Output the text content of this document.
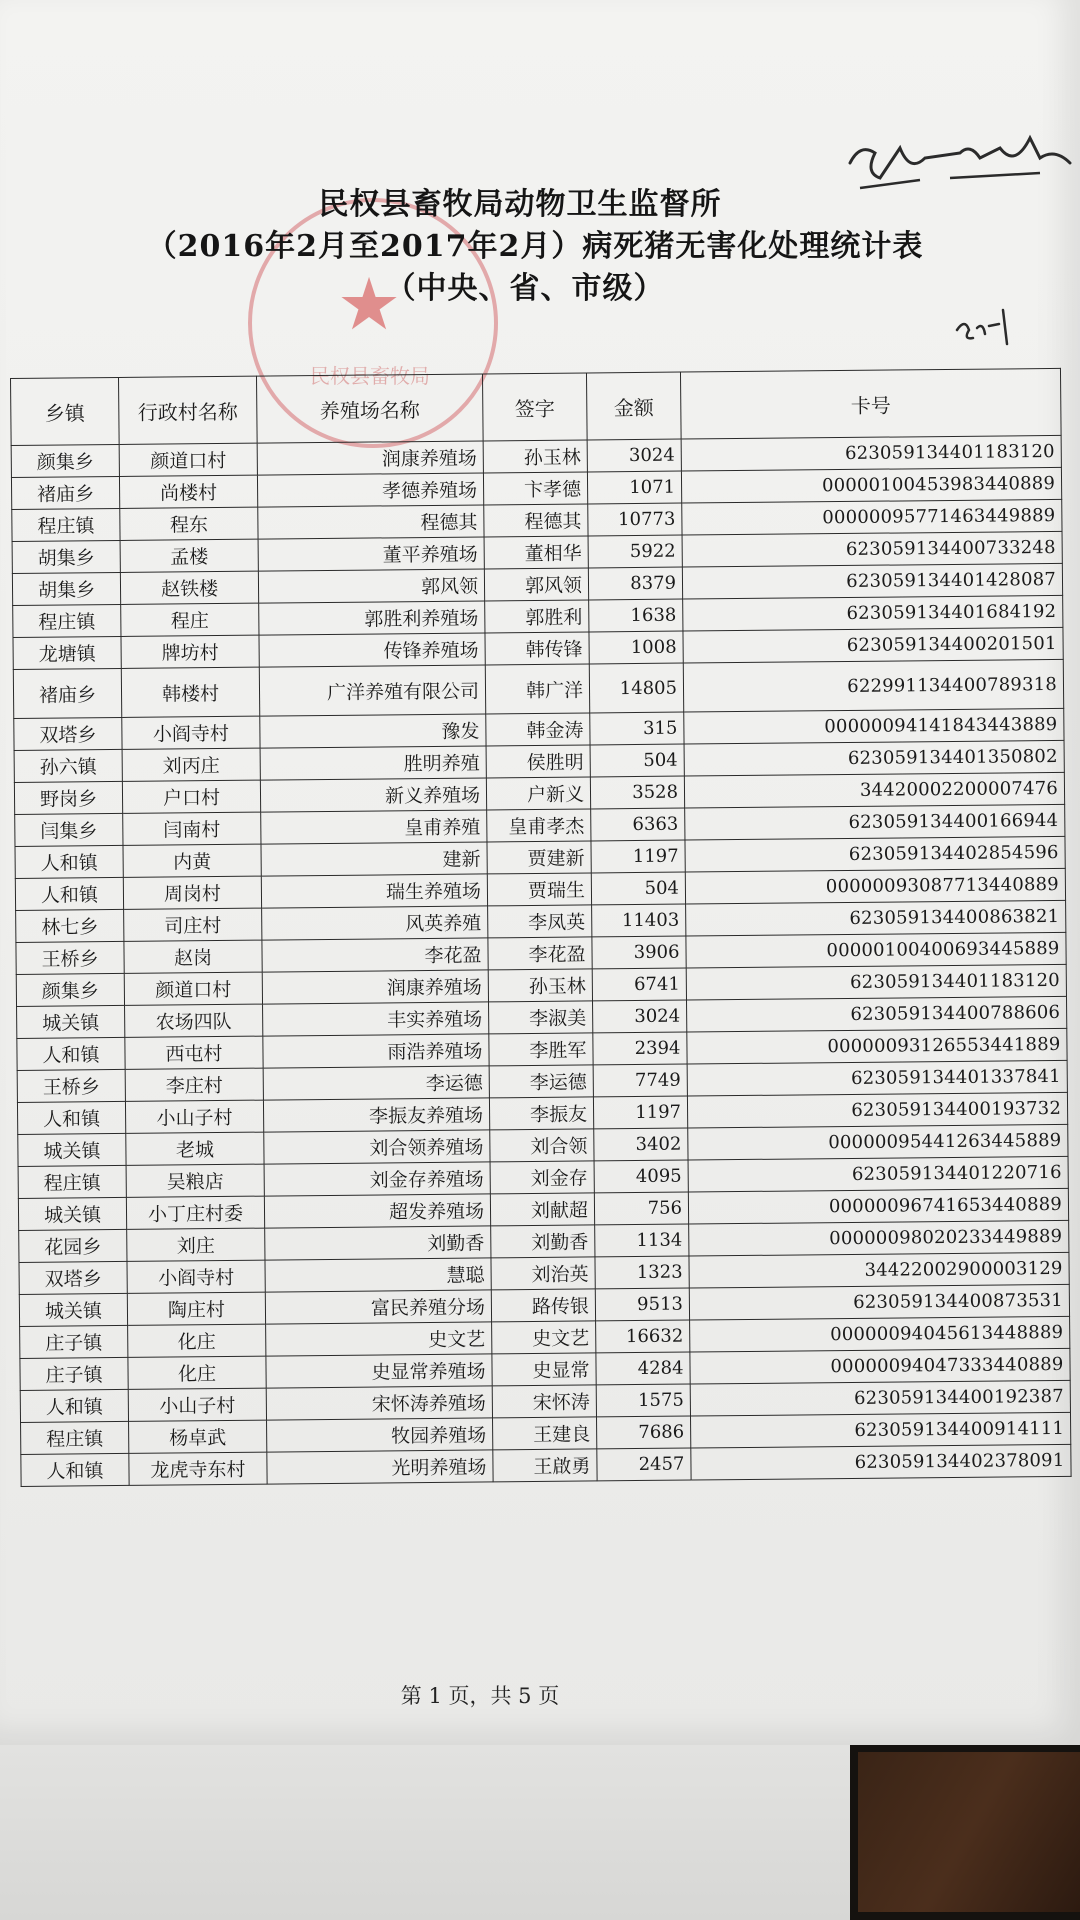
★
民权县畜牧局
民权县畜牧局动物卫生监督所
（2016年2月至2017年2月）病死猪无害化处理统计表
（中央、省、市级）
乡镇	行政村名称	养殖场名称	签字	金额	卡号
颜集乡	颜道口村	润康养殖场	孙玉林	3024	623059134401183120
褚庙乡	尚楼村	孝德养殖场	卞孝德	1071	0000010045398344​0889
程庄镇	程东	程德其	程德其	10773	00000095771463449889
胡集乡	孟楼	董平养殖场	董相华	5922	623059134400733248
胡集乡	赵铁楼	郭风领	郭风领	8379	623059134401428087
程庄镇	程庄	郭胜利养殖场	郭胜利	1638	623059134401684192
龙塘镇	牌坊村	传锋养殖场	韩传锋	1008	623059134400201501
褚庙乡	韩楼村	广洋养殖有限公司	韩广洋	14805	622991134400789318
双塔乡	小阎寺村	豫发	韩金涛	315	00000094141843443889
孙六镇	刘丙庄	胜明养殖	侯胜明	504	623059134401350802
野岗乡	户口村	新义养殖场	户新义	3528	3442000220000​7476
闫集乡	闫南村	皇甫养殖	皇甫孝杰	6363	623059134400166944
人和镇	内黄	建新	贾建新	1197	623059134402854596
人和镇	周岗村	瑞生养殖场	贾瑞生	504	00000093087713440889
林七乡	司庄村	风英养殖	李凤英	11403	623059134400863821
王桥乡	赵岗	李花盈	李花盈	3906	00000100400693445889
颜集乡	颜道口村	润康养殖场	孙玉林	6741	623059134401183120
城关镇	农场四队	丰实养殖场	李淑美	3024	623059134400788606
人和镇	西屯村	雨浩养殖场	李胜军	2394	00000093126553441889
王桥乡	李庄村	李运德	李运德	7749	623059134401337841
人和镇	小山子村	李振友养殖场	李振友	1197	623059134400193732
城关镇	老城	刘合领养殖场	刘合领	3402	00000095441263445889
程庄镇	吴粮店	刘金存养殖场	刘金存	4095	623059134401220716
城关镇	小丁庄村委	超发养殖场	刘献超	756	00000096741653440889
花园乡	刘庄	刘勤香	刘勤香	1134	00000098020233449889
双塔乡	小阎寺村	慧聪	刘治英	1323	3442200290000​3129
城关镇	陶庄村	富民养殖分场	路传银	9513	623059134400873531
庄子镇	化庄	史文艺	史文艺	16632	00000094045613448889
庄子镇	化庄	史显常养殖场	史显常	4284	00000094047333440889
人和镇	小山子村	宋怀涛养殖场	宋怀涛	1575	623059134400192387
程庄镇	杨卓武	牧园养殖场	王建良	7686	623059134400914111
人和镇	龙虎寺东村	光明养殖场	王啟勇	2457	623059134402378091
第 1 页，共 5 页
